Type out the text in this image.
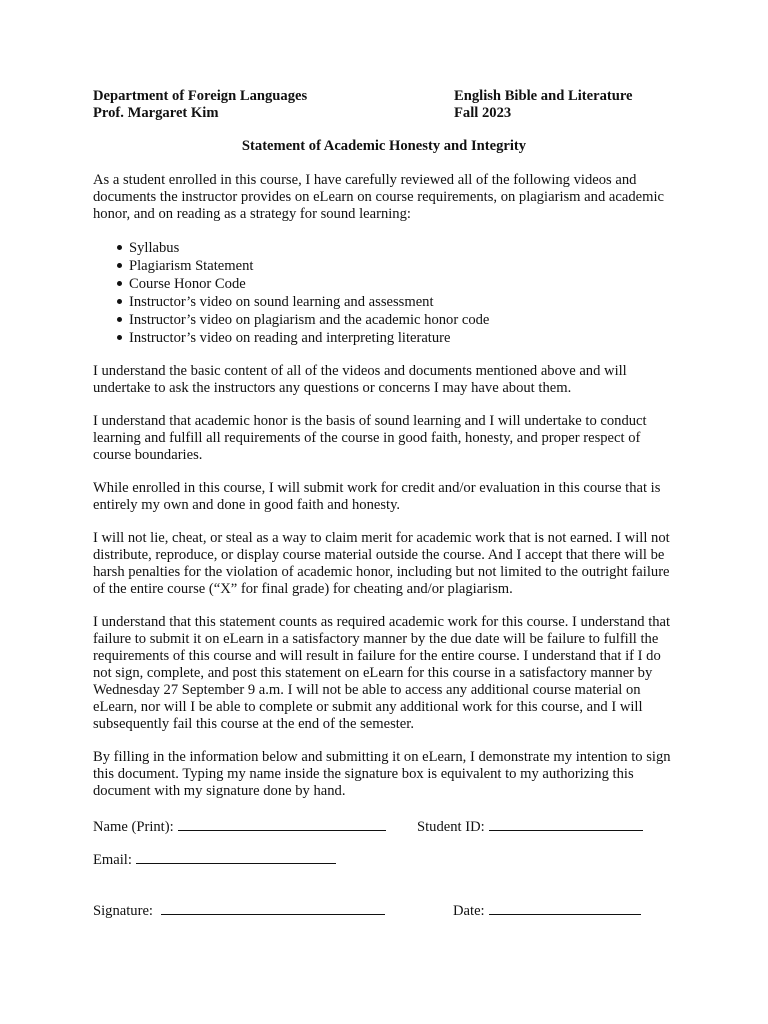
Department of Foreign Languages
Prof. Margaret Kim
English Bible and Literature
Fall 2023
Statement of Academic Honesty and Integrity

As a student enrolled in this course, I have carefully reviewed all of the following videos and documents the instructor provides on eLearn on course requirements, on plagiarism and academic honor, and on reading as a strategy for sound learning:

Syllabus
Plagiarism Statement
Course Honor Code
Instructor’s video on sound learning and assessment
Instructor’s video on plagiarism and the academic honor code
Instructor’s video on reading and interpreting literature

I understand the basic content of all of the videos and documents mentioned above and will undertake to ask the instructors any questions or concerns I may have about them.

I understand that academic honor is the basis of sound learning and I will undertake to conduct learning and fulfill all requirements of the course in good faith, honesty, and proper respect of course boundaries.

While enrolled in this course, I will submit work for credit and/or evaluation in this course that is entirely my own and done in good faith and honesty.

I will not lie, cheat, or steal as a way to claim merit for academic work that is not earned. I will not distribute, reproduce, or display course material outside the course. And I accept that there will be harsh penalties for the violation of academic honor, including but not limited to the outright failure of the entire course (“X” for final grade) for cheating and/or plagiarism.

I understand that this statement counts as required academic work for this course. I understand that failure to submit it on eLearn in a satisfactory manner by the due date will be failure to fulfill the requirements of this course and will result in failure for the entire course. I understand that if I do not sign, complete, and post this statement on eLearn for this course in a satisfactory manner by Wednesday 27 September 9 a.m. I will not be able to access any additional course material on eLearn, nor will I be able to complete or submit any additional work for this course, and I will subsequently fail this course at the end of the semester.

By filling in the information below and submitting it on eLearn, I demonstrate my intention to sign this document. Typing my name inside the signature box is equivalent to my authorizing this document with my signature done by hand.

Name (Print):	Student ID:
Email:
Signature:	Date:
